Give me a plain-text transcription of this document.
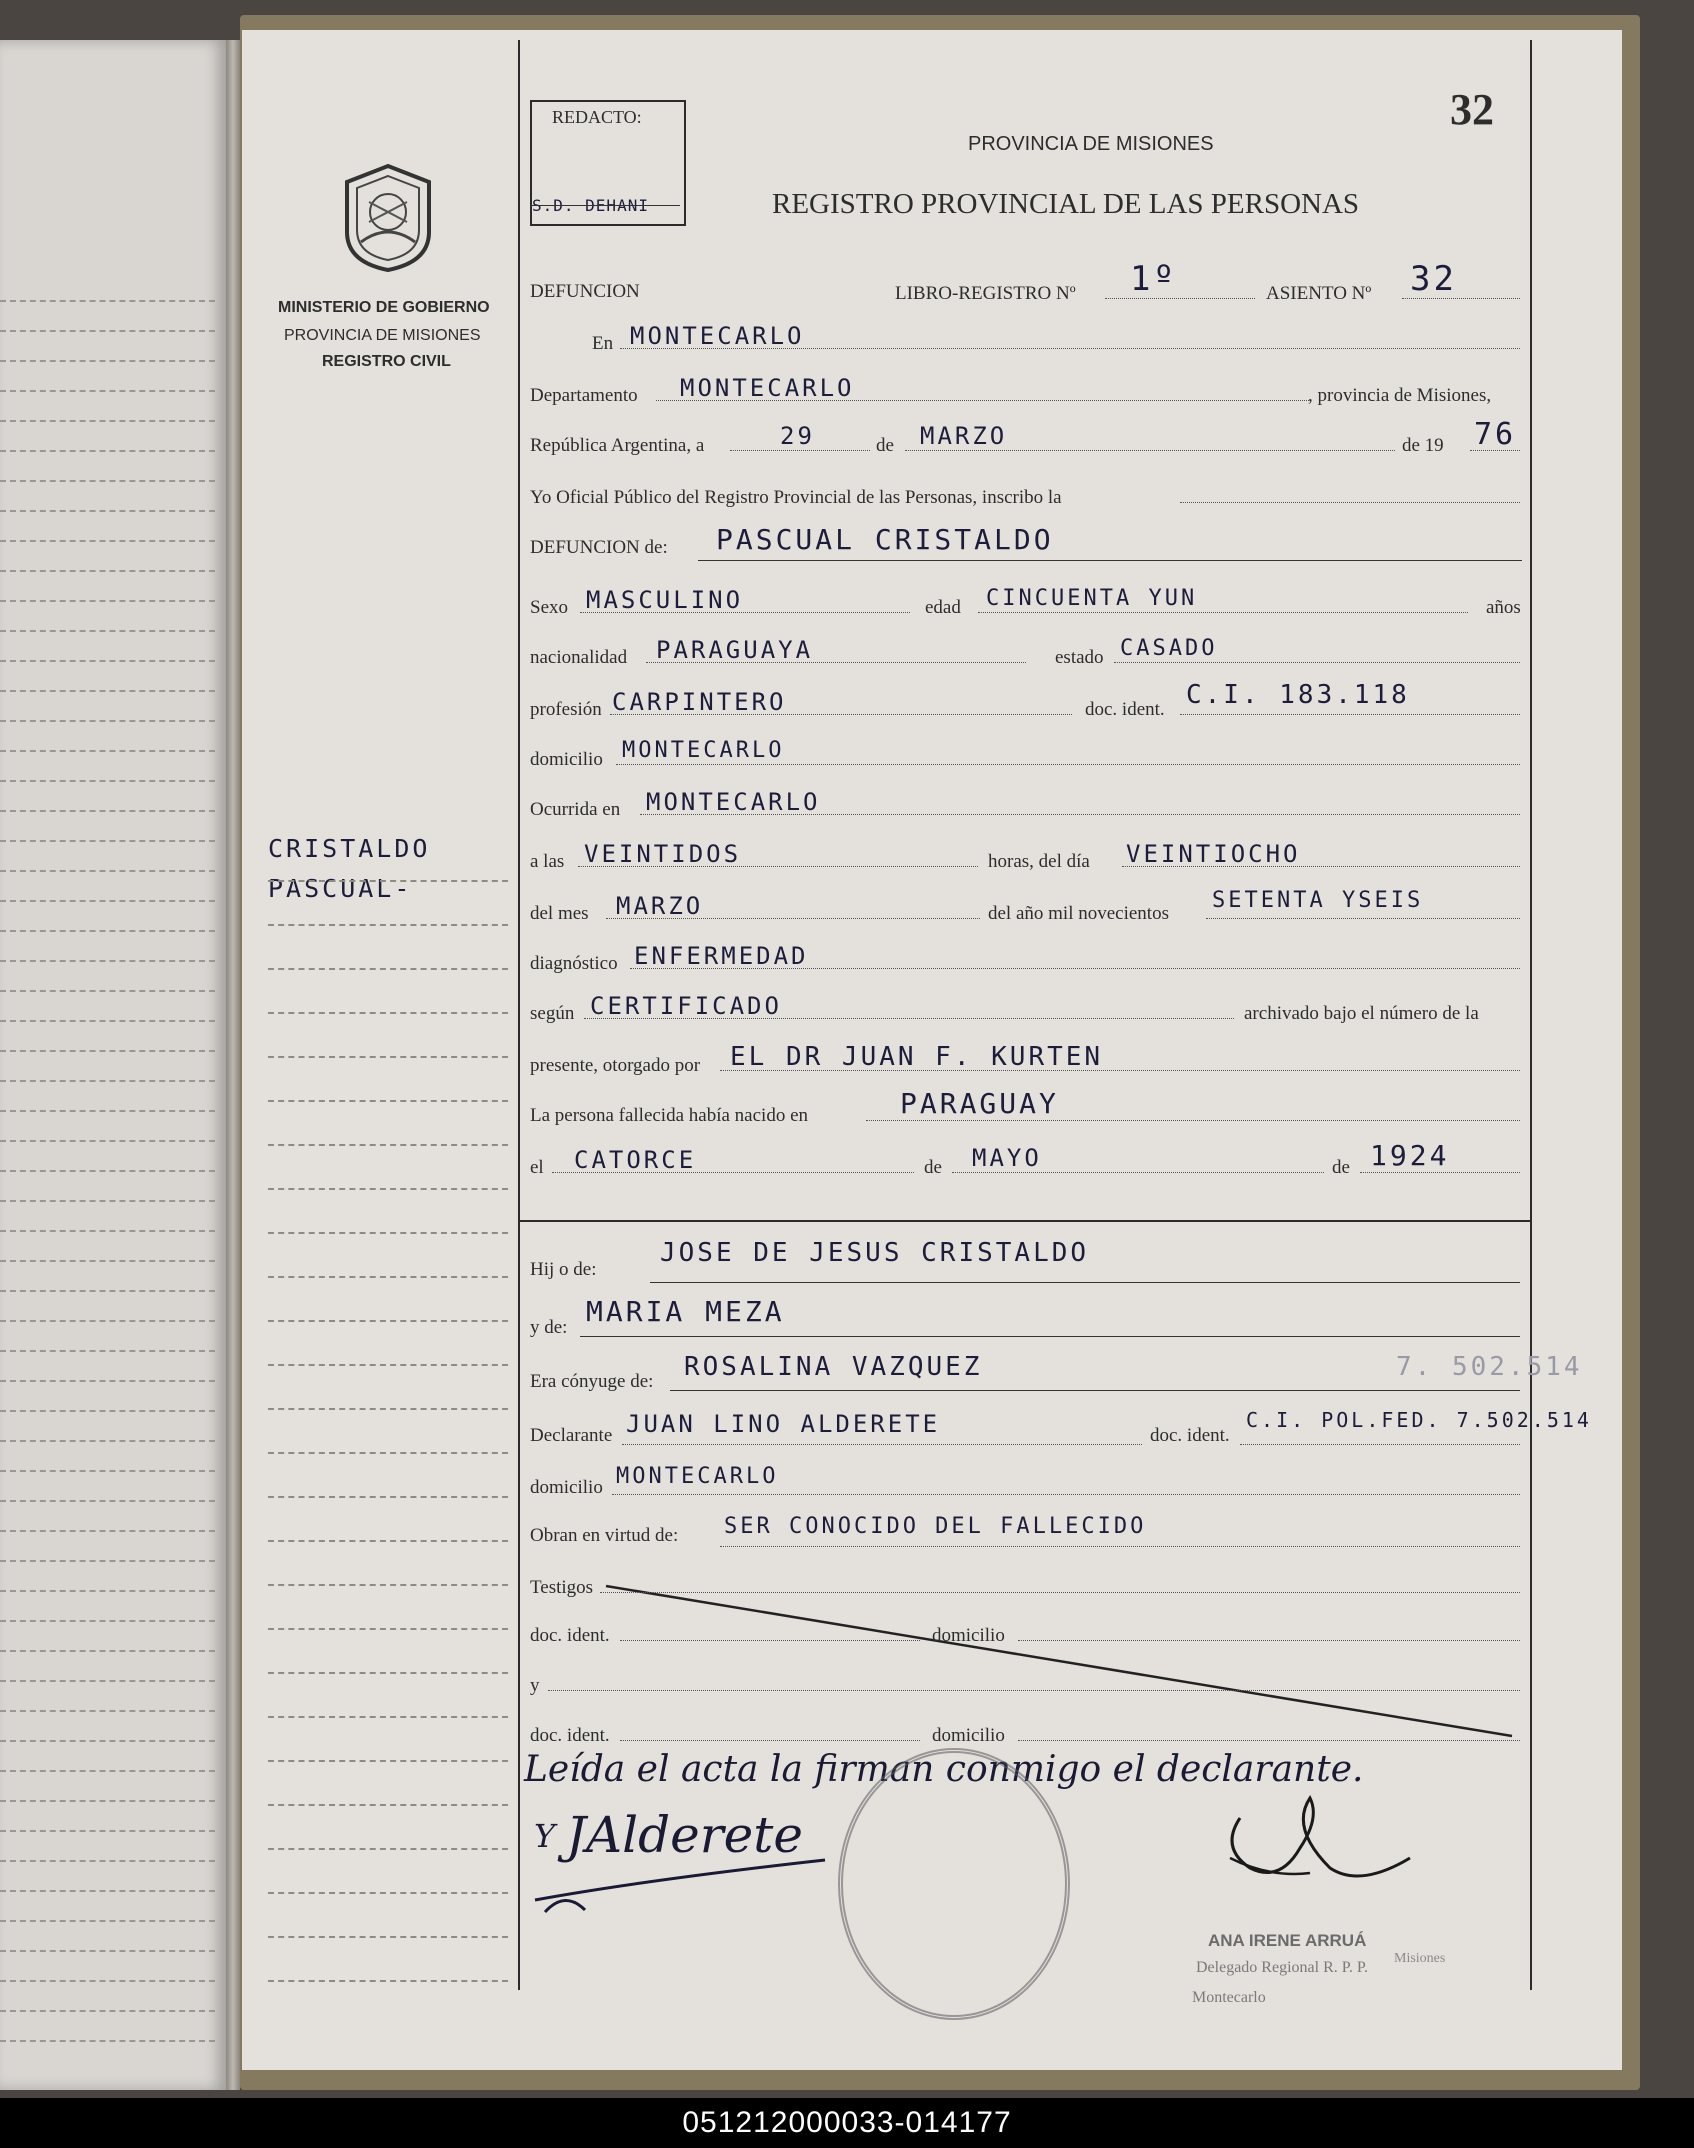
MINISTERIO DE GOBIERNO
PROVINCIA DE MISIONES
REGISTRO CIVIL
CRISTALDO
PASCUAL-
REDACTO:
S.D. DEHANI
32
PROVINCIA DE MISIONES
REGISTRO PROVINCIAL DE LAS PERSONAS
Leída el acta la firman conmigo el declarante.
Y JAlderete
ANA IRENE ARRUÁ
Delegado Regional R. P. P.
Montecarlo
Misiones
051212000033-014177
DEFUNCION	LIBRO-REGISTRO Nº 1º	ASIENTO Nº 32
En MONTECARLO
Departamento MONTECARLO	, provincia de Misiones,
República Argentina, a	29	de MARZO	de 19 76
Yo Oficial Público del Registro Provincial de las Personas, inscribo la
DEFUNCION de: PASCUAL CRISTALDO
Sexo MASCULINO	edad CINCUENTA YUN	años
nacionalidad PARAGUAYA	estado CASADO
profesión CARPINTERO	doc. ident. C.I. 183.118
domicilio MONTECARLO
Ocurrida en MONTECARLO
a las VEINTIDOS	horas, del día VEINTIOCHO
del mes MARZO	del año mil novecientos
SETENTA YSEIS
diagnóstico ENFERMEDAD
según CERTIFICADO	archivado bajo el número de la
presente, otorgado por EL DR JUAN F. KURTEN
La persona fallecida había nacido en	PARAGUAY
el CATORCE	de MAYO	de 1924
Hij o de:
JOSE DE JESUS CRISTALDO
y de: MARIA MEZA
Era cónyuge de: ROSALINA VAZQUEZ	7. 502.514
Declarante JUAN LINO ALDERETE	doc. ident.
C.I. POL.FED. 7.502.514
domicilio MONTECARLO
Obran en virtud de: SER CONOCIDO DEL FALLECIDO
Testigos
doc. ident.	domicilio
y
doc. ident.	domicilio
